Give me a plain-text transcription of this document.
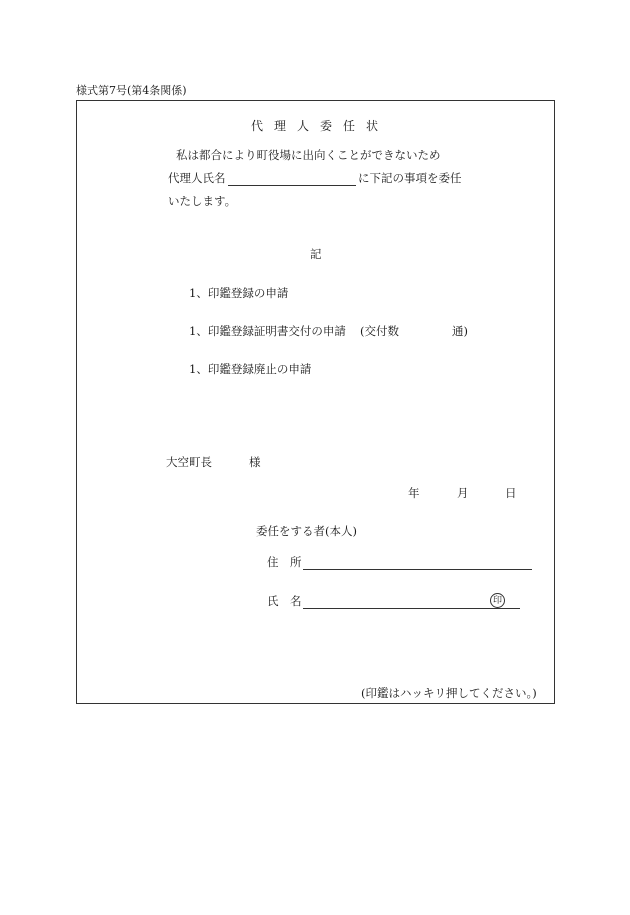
様式第7号(第4条関係)
代理人委任状
私は都合により町役場に出向くことができないため
代理人氏名	に下記の事項を委任
いたします。
記
1、印鑑登録の申請
1、印鑑登録証明書交付の申請 (交付数	通)
1、印鑑登録廃止の申請
大空町長	様
年	月	日
委任をする者(本人)
住　所
氏　名	印
(印鑑はハッキリ押してください。)
